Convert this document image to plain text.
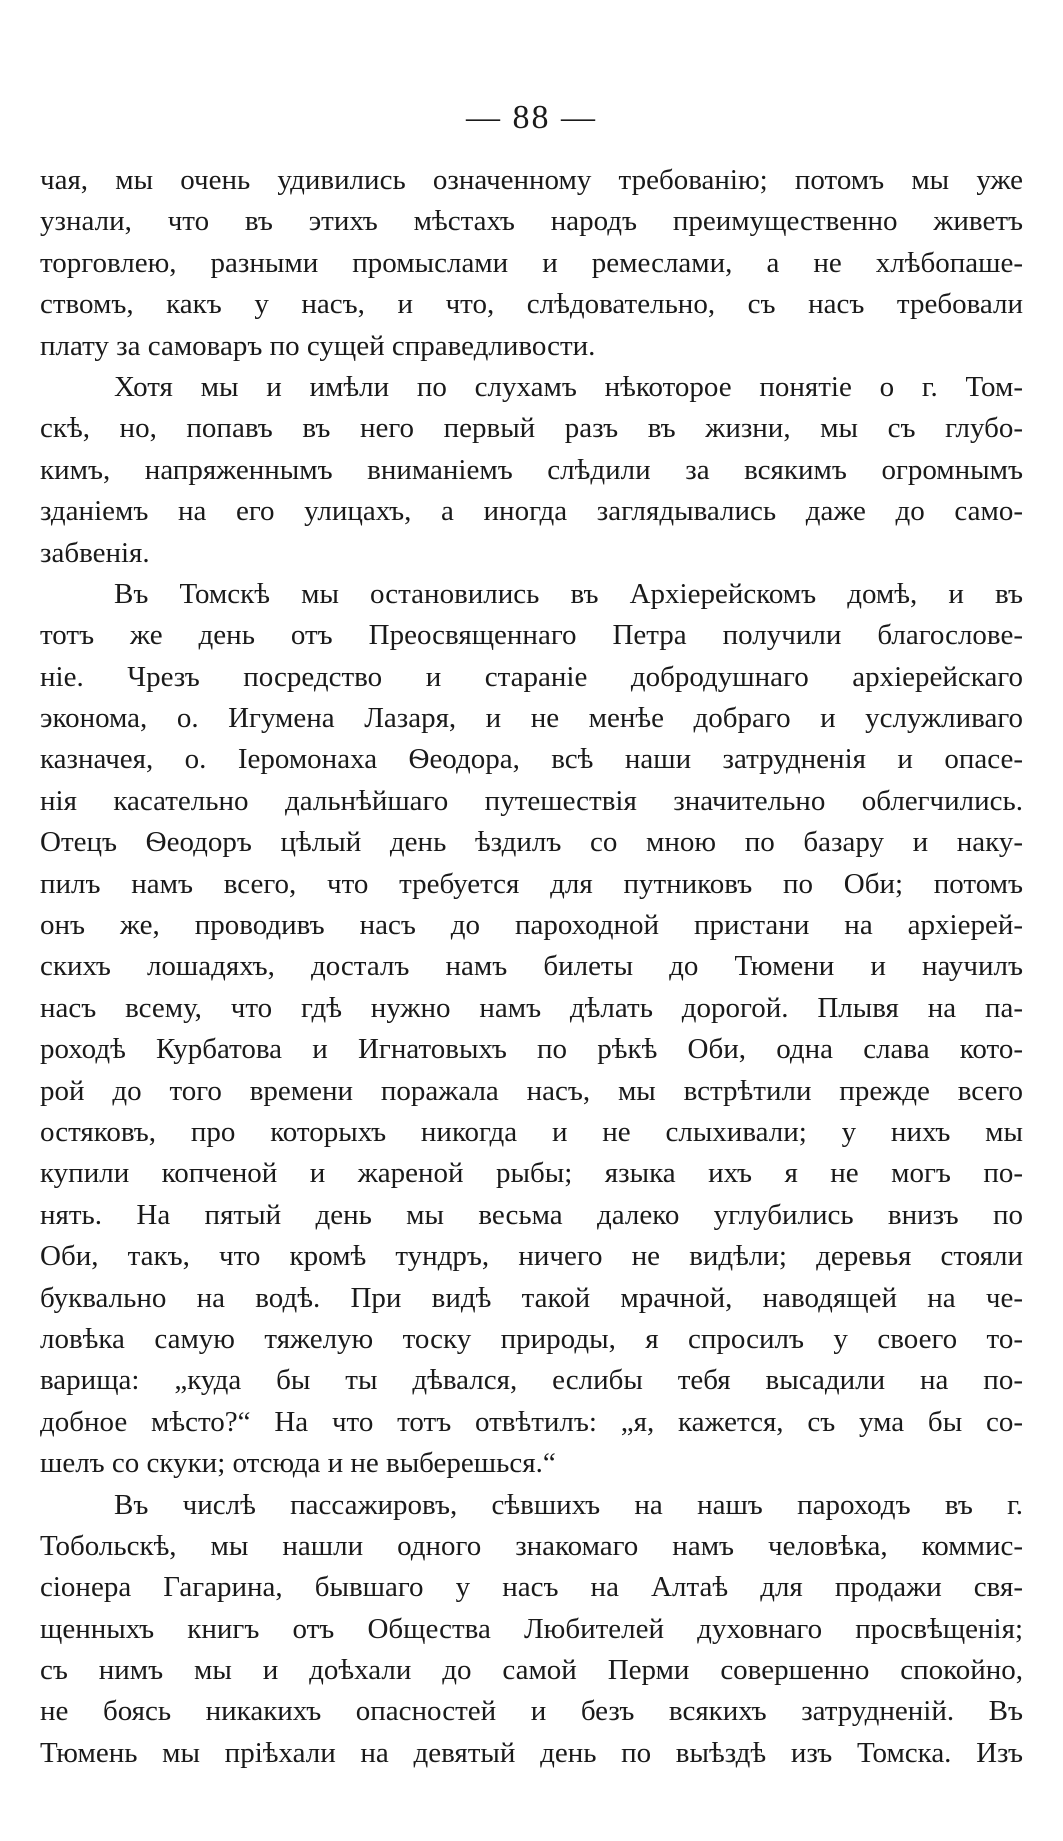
— 88 —
чая, мы очень удивились означенному требованію; потомъ мы уже
узнали, что въ этихъ мѣстахъ народъ преимущественно живетъ
торговлею, разными промыслами и ремеслами, а не хлѣбопаше-
ствомъ, какъ у насъ, и что, слѣдовательно, съ насъ требовали
плату за самоваръ по сущей справедливости.
Хотя мы и имѣли по слухамъ нѣкоторое понятіе о г. Том-
скѣ, но, попавъ въ него первый разъ въ жизни, мы съ глубо-
кимъ, напряженнымъ вниманіемъ слѣдили за всякимъ огромнымъ
зданіемъ на его улицахъ, а иногда заглядывались даже до само-
забвенія.
Въ Томскѣ мы остановились въ Архіерейскомъ домѣ, и въ
тотъ же день отъ Преосвященнаго Петра получили благослове-
ніе. Чрезъ посредство и стараніе добродушнаго архіерейскаго
эконома, о. Игумена Лазаря, и не менѣе добраго и услужливаго
казначея, о. Іеромонаха Ѳеодора, всѣ наши затрудненія и опасе-
нія касательно дальнѣйшаго путешествія значительно облегчились.
Отецъ Ѳеодоръ цѣлый день ѣздилъ со мною по базару и наку-
пилъ намъ всего, что требуется для путниковъ по Оби; потомъ
онъ же, проводивъ насъ до пароходной пристани на архіерей-
скихъ лошадяхъ, досталъ намъ билеты до Тюмени и научилъ
насъ всему, что гдѣ нужно намъ дѣлать дорогой. Плывя на па-
роходѣ Курбатова и Игнатовыхъ по рѣкѣ Оби, одна слава кото-
рой до того времени поражала насъ, мы встрѣтили прежде всего
остяковъ, про которыхъ никогда и не слыхивали; у нихъ мы
купили копченой и жареной рыбы; языка ихъ я не могъ по-
нять. На пятый день мы весьма далеко углубились внизъ по
Оби, такъ, что кромѣ тундръ, ничего не видѣли; деревья стояли
буквально на водѣ. При видѣ такой мрачной, наводящей на че-
ловѣка самую тяжелую тоску природы, я спросилъ у своего то-
варища: „куда бы ты дѣвался, еслибы тебя высадили на по-
добное мѣсто?“ На что тотъ отвѣтилъ: „я, кажется, съ ума бы со-
шелъ со скуки; отсюда и не выберешься.“
Въ числѣ пассажировъ, сѣвшихъ на нашъ пароходъ въ г.
Тобольскѣ, мы нашли одного знакомаго намъ человѣка, коммис-
сіонера Гагарина, бывшаго у насъ на Алтаѣ для продажи свя-
щенныхъ книгъ отъ Общества Любителей духовнаго просвѣщенія;
съ нимъ мы и доѣхали до самой Перми совершенно спокойно,
не боясь никакихъ опасностей и безъ всякихъ затрудненій. Въ
Тюмень мы пріѣхали на девятый день по выѣздѣ изъ Томска. Изъ
